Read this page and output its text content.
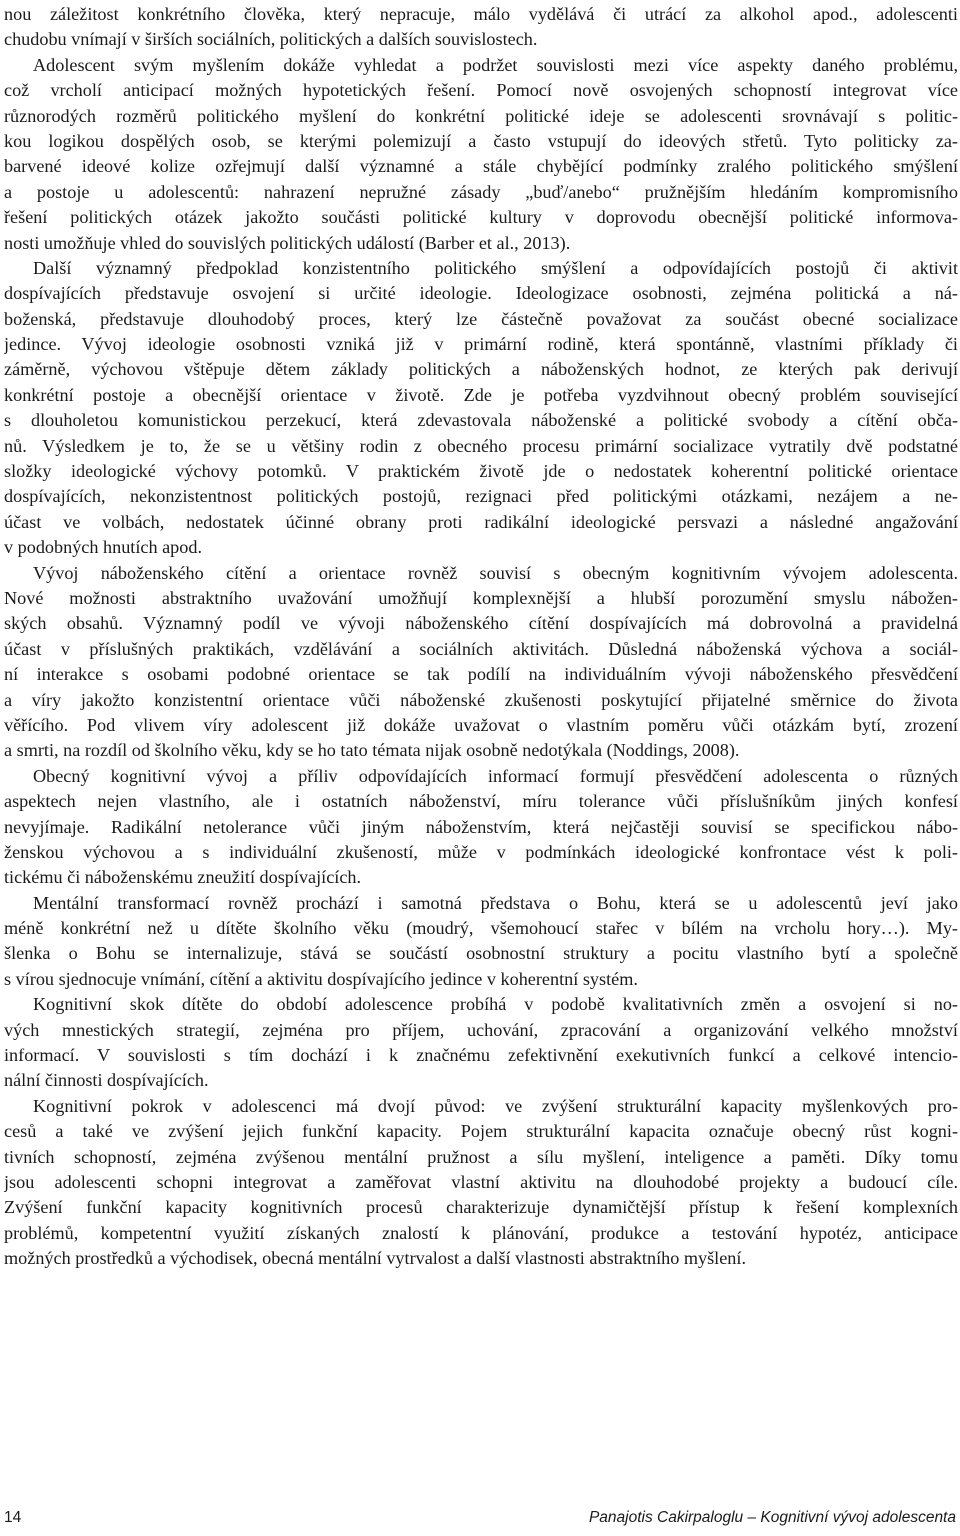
nou záležitost konkrétního člověka, který nepracuje, málo vydělává či utrácí za alkohol apod., adolescenti
chudobu vnímají v širších sociálních, politických a dalších souvislostech.
Adolescent svým myšlením dokáže vyhledat a podržet souvislosti mezi více aspekty daného problému,
což vrcholí anticipací možných hypotetických řešení. Pomocí nově osvojených schopností integrovat více
různorodých rozměrů politického myšlení do konkrétní politické ideje se adolescenti srovnávají s politic-
kou logikou dospělých osob, se kterými polemizují a často vstupují do ideových střetů. Tyto politicky za-
barvené ideové kolize ozřejmují další významné a stále chybějící podmínky zralého politického smýšlení
a postoje u adolescentů: nahrazení nepružné zásady „buď/anebo“ pružnějším hledáním kompromisního
řešení politických otázek jakožto součásti politické kultury v doprovodu obecnější politické informova-
nosti umožňuje vhled do souvislých politických událostí (Barber et al., 2013).
Další významný předpoklad konzistentního politického smýšlení a odpovídajících postojů či aktivit
dospívajících představuje osvojení si určité ideologie. Ideologizace osobnosti, zejména politická a ná-
boženská, představuje dlouhodobý proces, který lze částečně považovat za součást obecné socializace
jedince. Vývoj ideologie osobnosti vzniká již v primární rodině, která spontánně, vlastními příklady či
záměrně, výchovou vštěpuje dětem základy politických a náboženských hodnot, ze kterých pak derivují
konkrétní postoje a obecnější orientace v životě. Zde je potřeba vyzdvihnout obecný problém související
s dlouholetou komunistickou perzekucí, která zdevastovala náboženské a politické svobody a cítění obča-
nů. Výsledkem je to, že se u většiny rodin z obecného procesu primární socializace vytratily dvě podstatné
složky ideologické výchovy potomků. V praktickém životě jde o nedostatek koherentní politické orientace
dospívajících, nekonzistentnost politických postojů, rezignaci před politickými otázkami, nezájem a ne-
účast ve volbách, nedostatek účinné obrany proti radikální ideologické persvazi a následné angažování
v podobných hnutích apod.
Vývoj náboženského cítění a orientace rovněž souvisí s obecným kognitivním vývojem adolescenta.
Nové možnosti abstraktního uvažování umožňují komplexnější a hlubší porozumění smyslu nábožen-
ských obsahů. Významný podíl ve vývoji náboženského cítění dospívajících má dobrovolná a pravidelná
účast v příslušných praktikách, vzdělávání a sociálních aktivitách. Důsledná náboženská výchova a sociál-
ní interakce s osobami podobné orientace se tak podílí na individuálním vývoji náboženského přesvědčení
a víry jakožto konzistentní orientace vůči náboženské zkušenosti poskytující přijatelné směrnice do života
věřícího. Pod vlivem víry adolescent již dokáže uvažovat o vlastním poměru vůči otázkám bytí, zrození
a smrti, na rozdíl od školního věku, kdy se ho tato témata nijak osobně nedotýkala (Noddings, 2008).
Obecný kognitivní vývoj a příliv odpovídajících informací formují přesvědčení adolescenta o různých
aspektech nejen vlastního, ale i ostatních náboženství, míru tolerance vůči příslušníkům jiných konfesí
nevyjímaje. Radikální netolerance vůči jiným náboženstvím, která nejčastěji souvisí se specifickou nábo-
ženskou výchovou a s individuální zkušeností, může v podmínkách ideologické konfrontace vést k poli-
tickému či náboženskému zneužití dospívajících.
Mentální transformací rovněž prochází i samotná představa o Bohu, která se u adolescentů jeví jako
méně konkrétní než u dítěte školního věku (moudrý, všemohoucí stařec v bílém na vrcholu hory…). My-
šlenka o Bohu se internalizuje, stává se součástí osobnostní struktury a pocitu vlastního bytí a společně
s vírou sjednocuje vnímání, cítění a aktivitu dospívajícího jedince v koherentní systém.
Kognitivní skok dítěte do období adolescence probíhá v podobě kvalitativních změn a osvojení si no-
vých mnestických strategií, zejména pro příjem, uchování, zpracování a organizování velkého množství
informací. V souvislosti s tím dochází i k značnému zefektivnění exekutivních funkcí a celkové intencio-
nální činnosti dospívajících.
Kognitivní pokrok v adolescenci má dvojí původ: ve zvýšení strukturální kapacity myšlenkových pro-
cesů a také ve zvýšení jejich funkční kapacity. Pojem strukturální kapacita označuje obecný růst kogni-
tivních schopností, zejména zvýšenou mentální pružnost a sílu myšlení, inteligence a paměti. Díky tomu
jsou adolescenti schopni integrovat a zaměřovat vlastní aktivitu na dlouhodobé projekty a budoucí cíle.
Zvýšení funkční kapacity kognitivních procesů charakterizuje dynamičtější přístup k řešení komplexních
problémů, kompetentní využití získaných znalostí k plánování, produkce a testování hypotéz, anticipace
možných prostředků a východisek, obecná mentální vytrvalost a další vlastnosti abstraktního myšlení.
14	Panajotis Cakirpaloglu – Kognitivní vývoj adolescenta
